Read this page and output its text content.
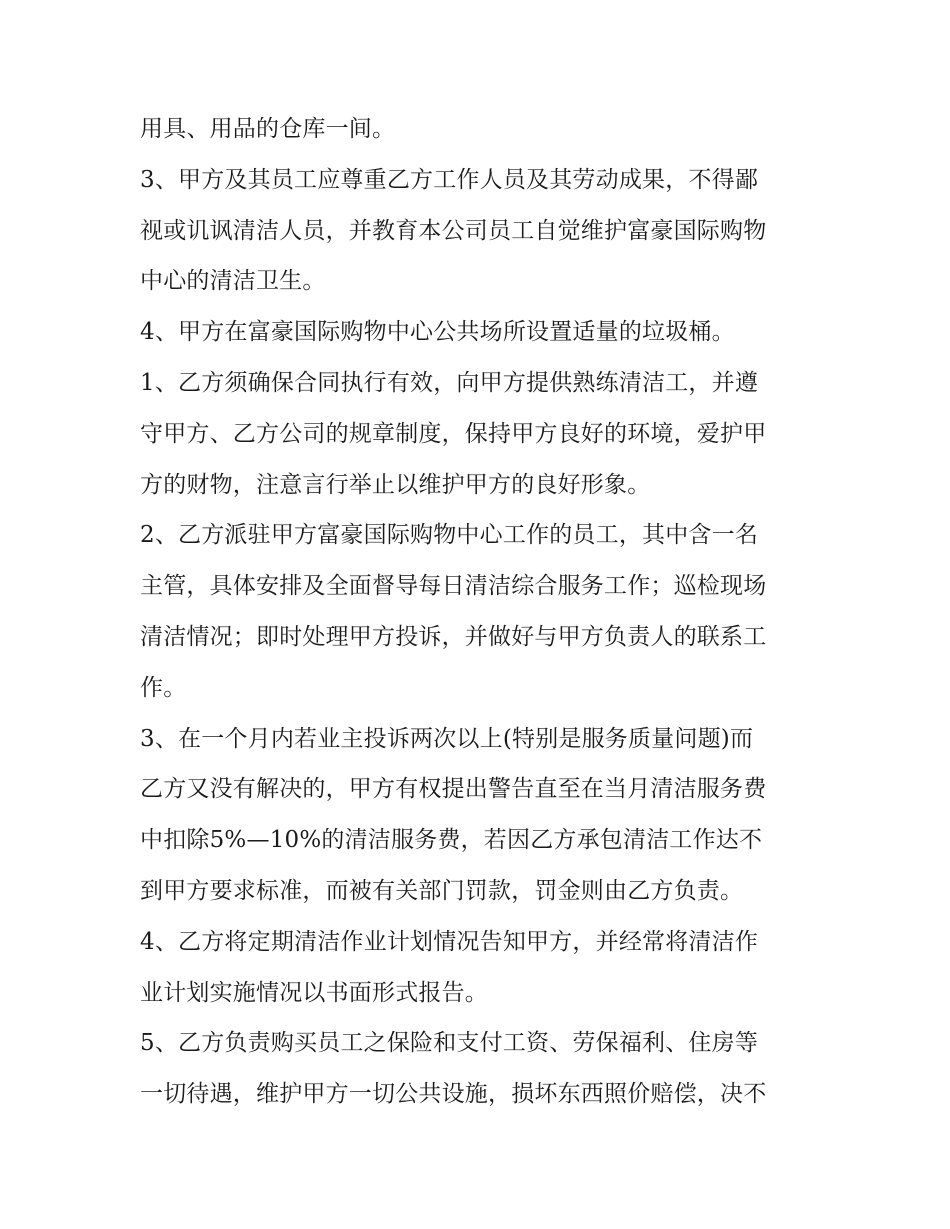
用具、用品的仓库一间。
3、甲方及其员工应尊重乙方工作人员及其劳动成果，不得鄙
视或讥讽清洁人员，并教育本公司员工自觉维护富豪国际购物
中心的清洁卫生。
4、甲方在富豪国际购物中心公共场所设置适量的垃圾桶。
1、乙方须确保合同执行有效，向甲方提供熟练清洁工，并遵
守甲方、乙方公司的规章制度，保持甲方良好的环境，爱护甲
方的财物，注意言行举止以维护甲方的良好形象。
2、乙方派驻甲方富豪国际购物中心工作的员工，其中含一名
主管，具体安排及全面督导每日清洁综合服务工作；巡检现场
清洁情况；即时处理甲方投诉，并做好与甲方负责人的联系工
作。
3、在一个月内若业主投诉两次以上(特别是服务质量问题)而
乙方又没有解决的，甲方有权提出警告直至在当月清洁服务费
中扣除5%—10%的清洁服务费，若因乙方承包清洁工作达不
到甲方要求标准，而被有关部门罚款，罚金则由乙方负责。
4、乙方将定期清洁作业计划情况告知甲方，并经常将清洁作
业计划实施情况以书面形式报告。
5、乙方负责购买员工之保险和支付工资、劳保福利、住房等
一切待遇，维护甲方一切公共设施，损坏东西照价赔偿，决不
